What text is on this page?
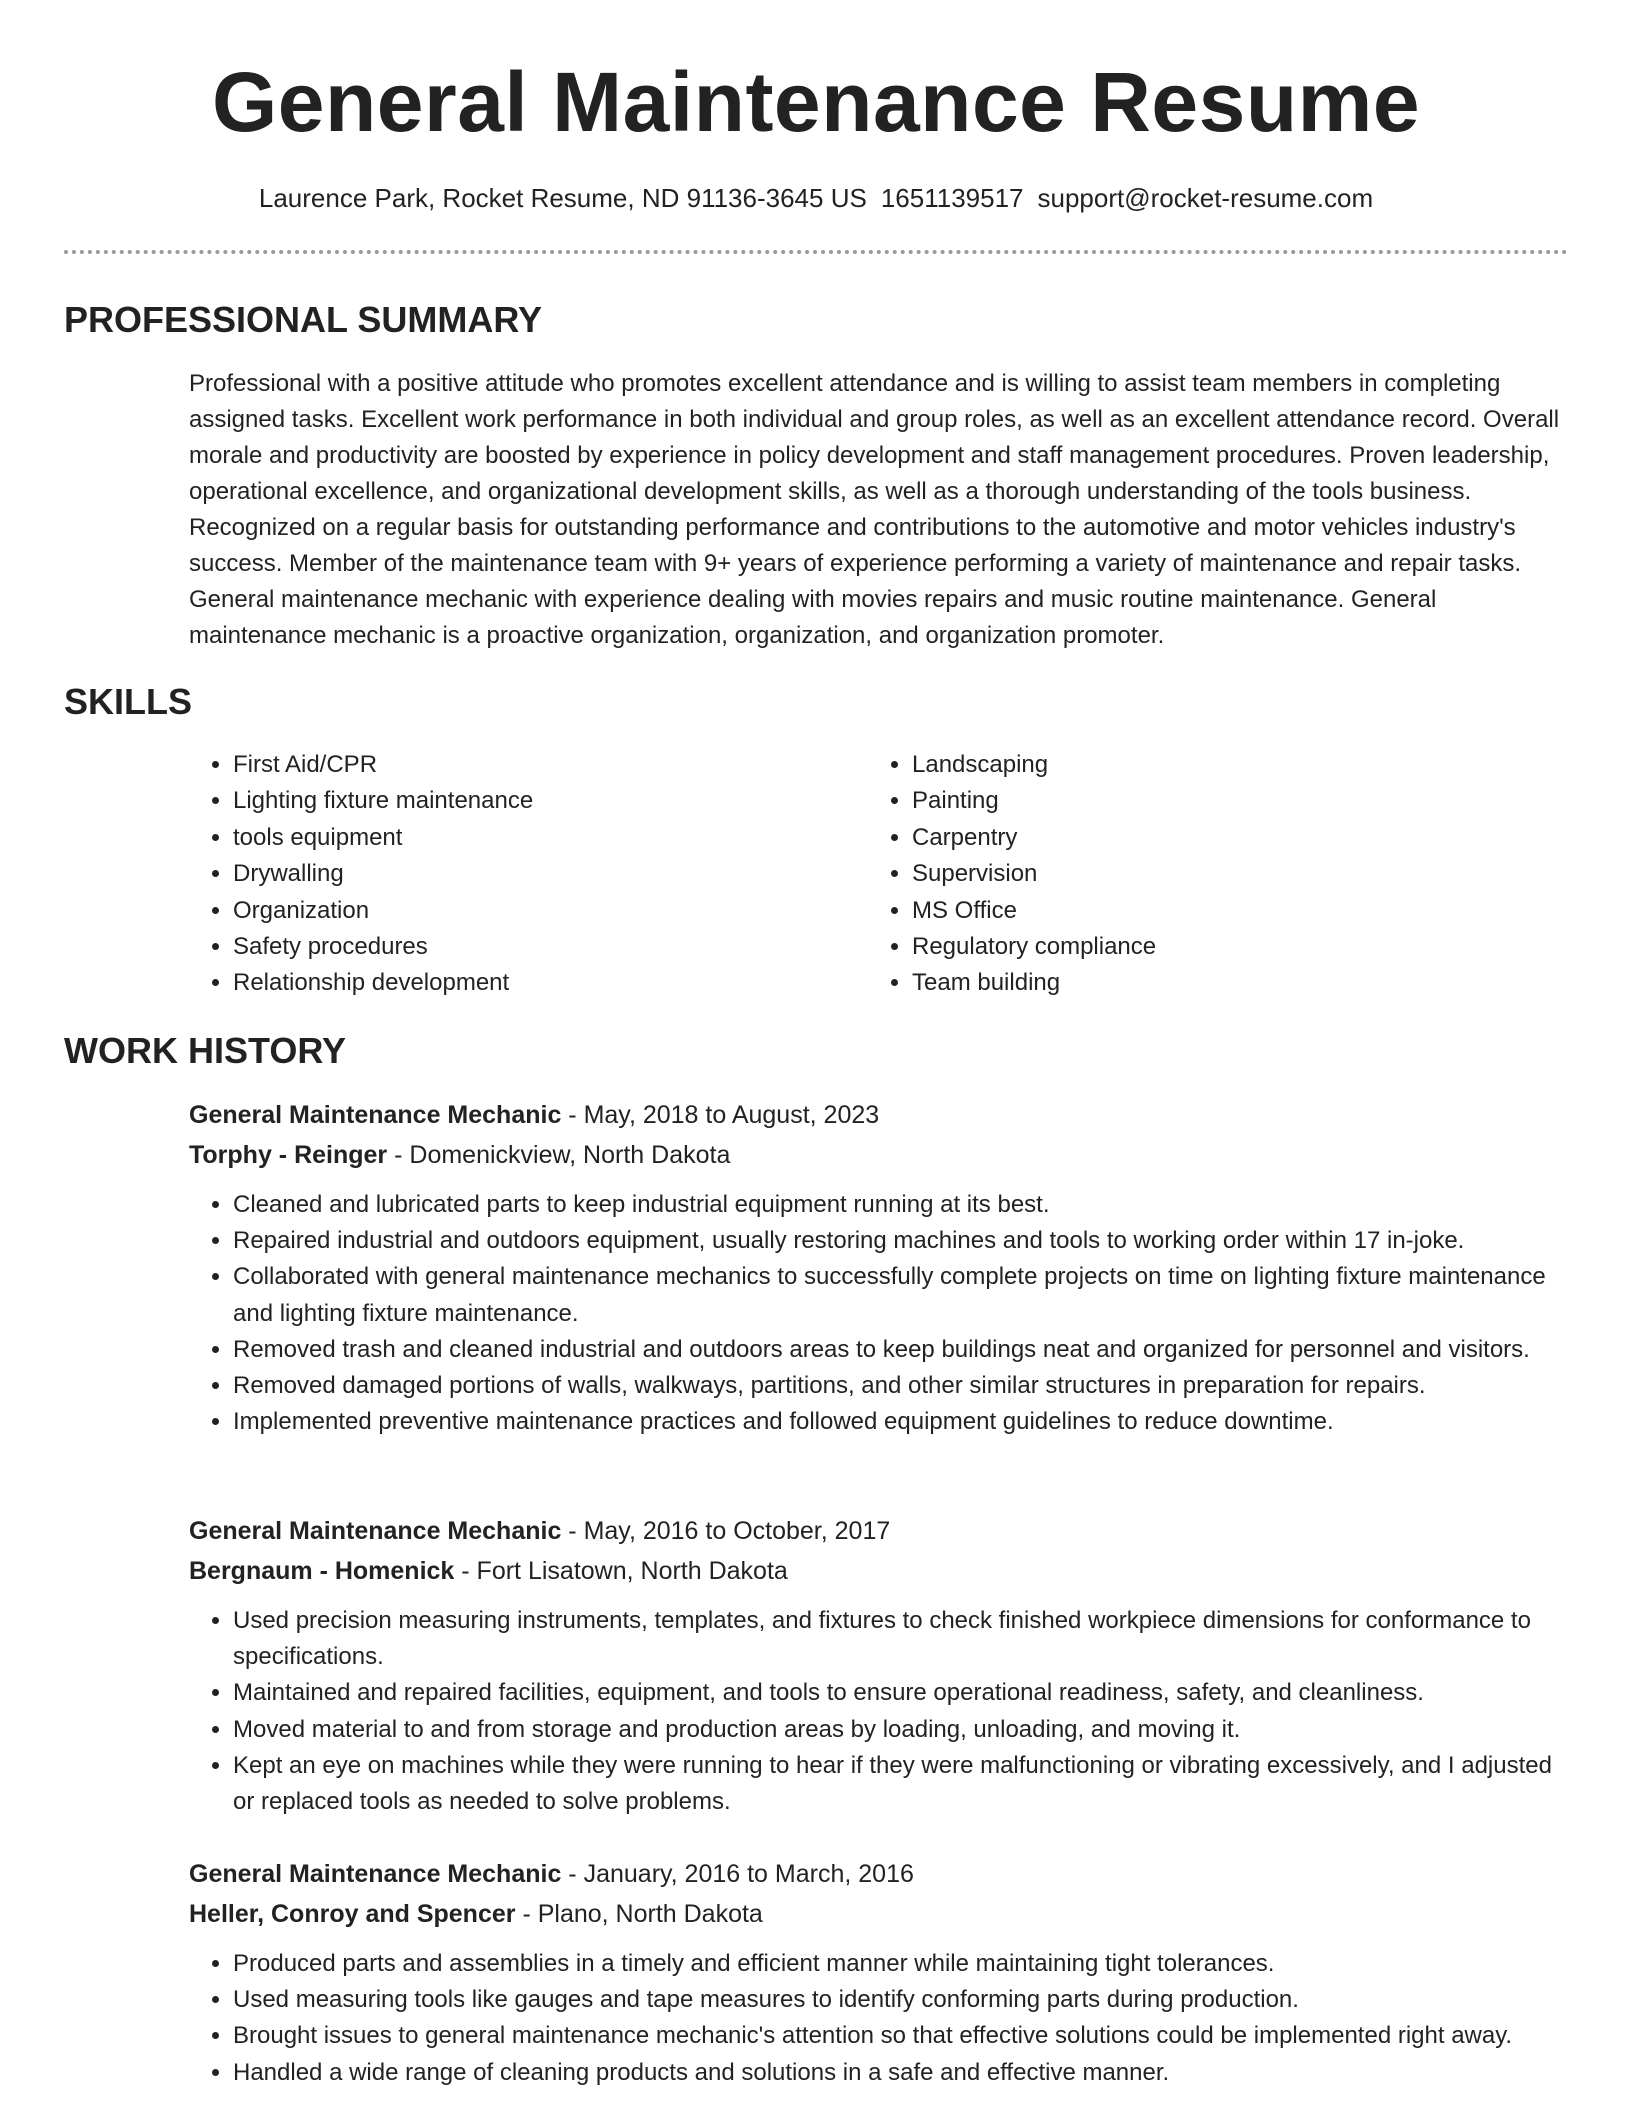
General Maintenance Resume
Laurence Park, Rocket Resume, ND 91136-3645 US 1651139517 support@rocket-resume.com
PROFESSIONAL SUMMARY

Professional with a positive attitude who promotes excellent attendance and is willing to assist team members in completing assigned tasks. Excellent work performance in both individual and group roles, as well as an excellent attendance record. Overall morale and productivity are boosted by experience in policy development and staff management procedures. Proven leadership, operational excellence, and organizational development skills, as well as a thorough understanding of the tools business. Recognized on a regular basis for outstanding performance and contributions to the automotive and motor vehicles industry's success. Member of the maintenance team with 9+ years of experience performing a variety of maintenance and repair tasks. General maintenance mechanic with experience dealing with movies repairs and music routine maintenance. General maintenance mechanic is a proactive organization, organization, and organization promoter.

SKILLS
• First Aid/CPR
• Lighting fixture maintenance
• tools equipment
• Drywalling
• Organization
• Safety procedures
• Relationship development
• Landscaping
• Painting
• Carpentry
• Supervision
• MS Office
• Regulatory compliance
• Team building
WORK HISTORY
General Maintenance Mechanic - May, 2018 to August, 2023
Torphy - Reinger - Domenickview, North Dakota
• Cleaned and lubricated parts to keep industrial equipment running at its best.
• Repaired industrial and outdoors equipment, usually restoring machines and tools to working order within 17 in-joke.
• Collaborated with general maintenance mechanics to successfully complete projects on time on lighting fixture maintenance and lighting fixture maintenance.
• Removed trash and cleaned industrial and outdoors areas to keep buildings neat and organized for personnel and visitors.
• Removed damaged portions of walls, walkways, partitions, and other similar structures in preparation for repairs.
• Implemented preventive maintenance practices and followed equipment guidelines to reduce downtime.
General Maintenance Mechanic - May, 2016 to October, 2017
Bergnaum - Homenick - Fort Lisatown, North Dakota
• Used precision measuring instruments, templates, and fixtures to check finished workpiece dimensions for conformance to specifications.
• Maintained and repaired facilities, equipment, and tools to ensure operational readiness, safety, and cleanliness.
• Moved material to and from storage and production areas by loading, unloading, and moving it.
• Kept an eye on machines while they were running to hear if they were malfunctioning or vibrating excessively, and I adjusted or replaced tools as needed to solve problems.
General Maintenance Mechanic - January, 2016 to March, 2016
Heller, Conroy and Spencer - Plano, North Dakota
• Produced parts and assemblies in a timely and efficient manner while maintaining tight tolerances.
• Used measuring tools like gauges and tape measures to identify conforming parts during production.
• Brought issues to general maintenance mechanic's attention so that effective solutions could be implemented right away.
• Handled a wide range of cleaning products and solutions in a safe and effective manner.
